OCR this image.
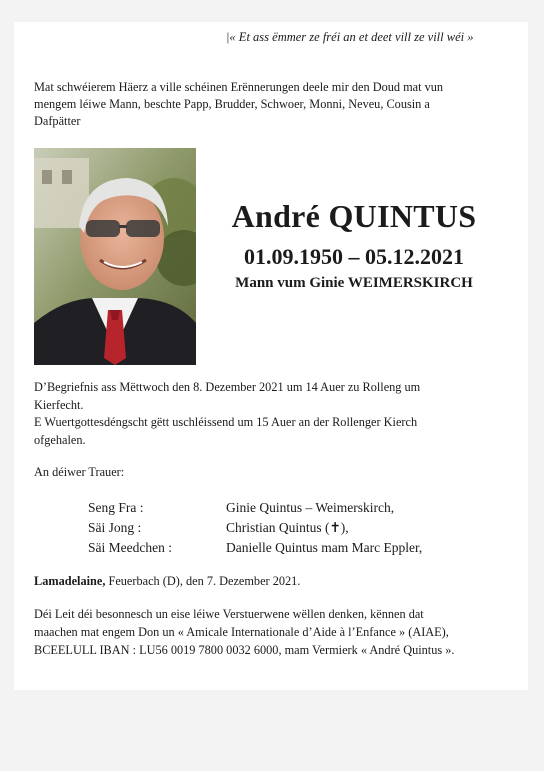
|« Et ass ëmmer ze fréi an et deet vill ze vill wéi »
Mat schwéierem Häerz a ville schéinen Erënnerungen deele mir den Doud mat vun
mengem léiwe Mann, beschte Papp, Brudder, Schwoer, Monni, Neveu, Cousin a
Dafpätter
André QUINTUS
01.09.1950 – 05.12.2021
Mann vum Ginie WEIMERSKIRCH
D’Begriefnis ass Mëttwoch den 8. Dezember 2021 um 14 Auer zu Rolleng um
Kierfecht.
E Wuertgottesdéngscht gëtt uschléissend um 15 Auer an der Rollenger Kierch
ofgehalen.
An déiwer Trauer:
Seng Fra :	Ginie Quintus – Weimerskirch,
Säi Jong :	Christian Quintus (✝),
Säi Meedchen :	Danielle Quintus mam Marc Eppler,
Lamadelaine, Feuerbach (D), den 7. Dezember 2021.
Déi Leit déi besonnesch un eise léiwe Verstuerwene wëllen denken, kënnen dat
maachen mat engem Don un « Amicale Internationale d’Aide à l’Enfance » (AIAE),
BCEELULL IBAN : LU56 0019 7800 0032 6000, mam Vermierk « André Quintus ».
